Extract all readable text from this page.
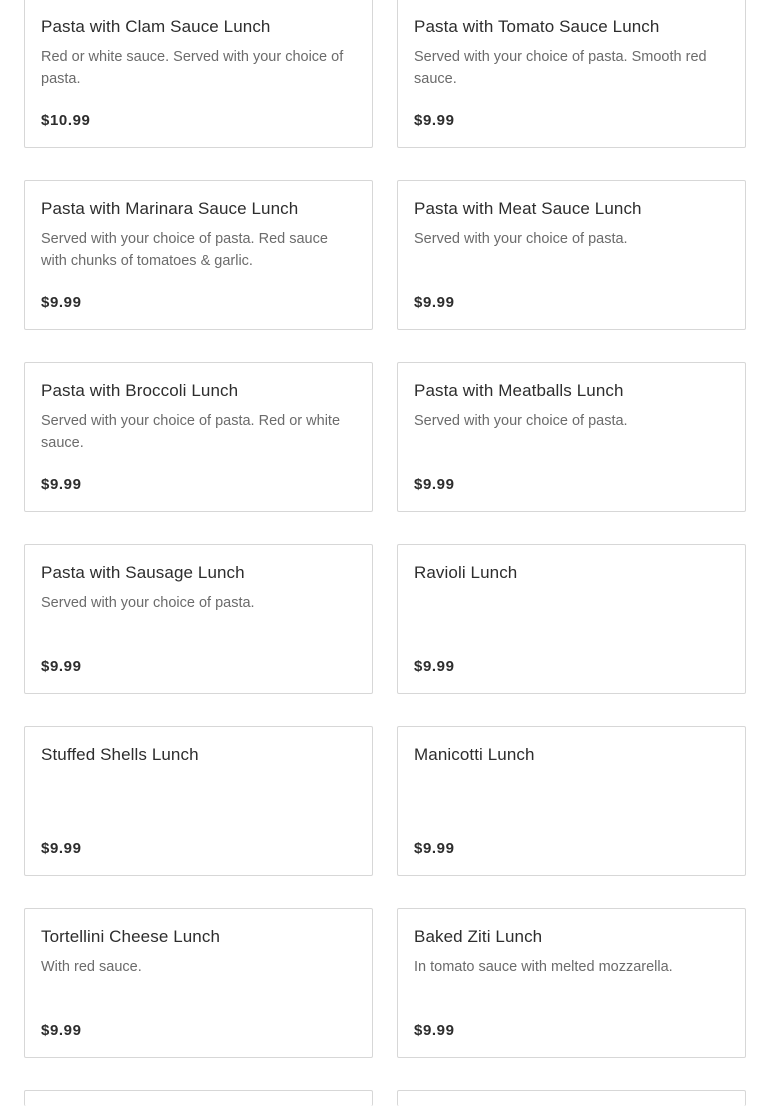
Pasta with Clam Sauce Lunch
Red or white sauce. Served with your choice of pasta.
$10.99
Pasta with Tomato Sauce Lunch
Served with your choice of pasta. Smooth red sauce.
$9.99
Pasta with Marinara Sauce Lunch
Served with your choice of pasta. Red sauce with chunks of tomatoes & garlic.
$9.99
Pasta with Meat Sauce Lunch
Served with your choice of pasta.
$9.99
Pasta with Broccoli Lunch
Served with your choice of pasta. Red or white sauce.
$9.99
Pasta with Meatballs Lunch
Served with your choice of pasta.
$9.99
Pasta with Sausage Lunch
Served with your choice of pasta.
$9.99
Ravioli Lunch
$9.99
Stuffed Shells Lunch
$9.99
Manicotti Lunch
$9.99
Tortellini Cheese Lunch
With red sauce.
$9.99
Baked Ziti Lunch
In tomato sauce with melted mozzarella.
$9.99
